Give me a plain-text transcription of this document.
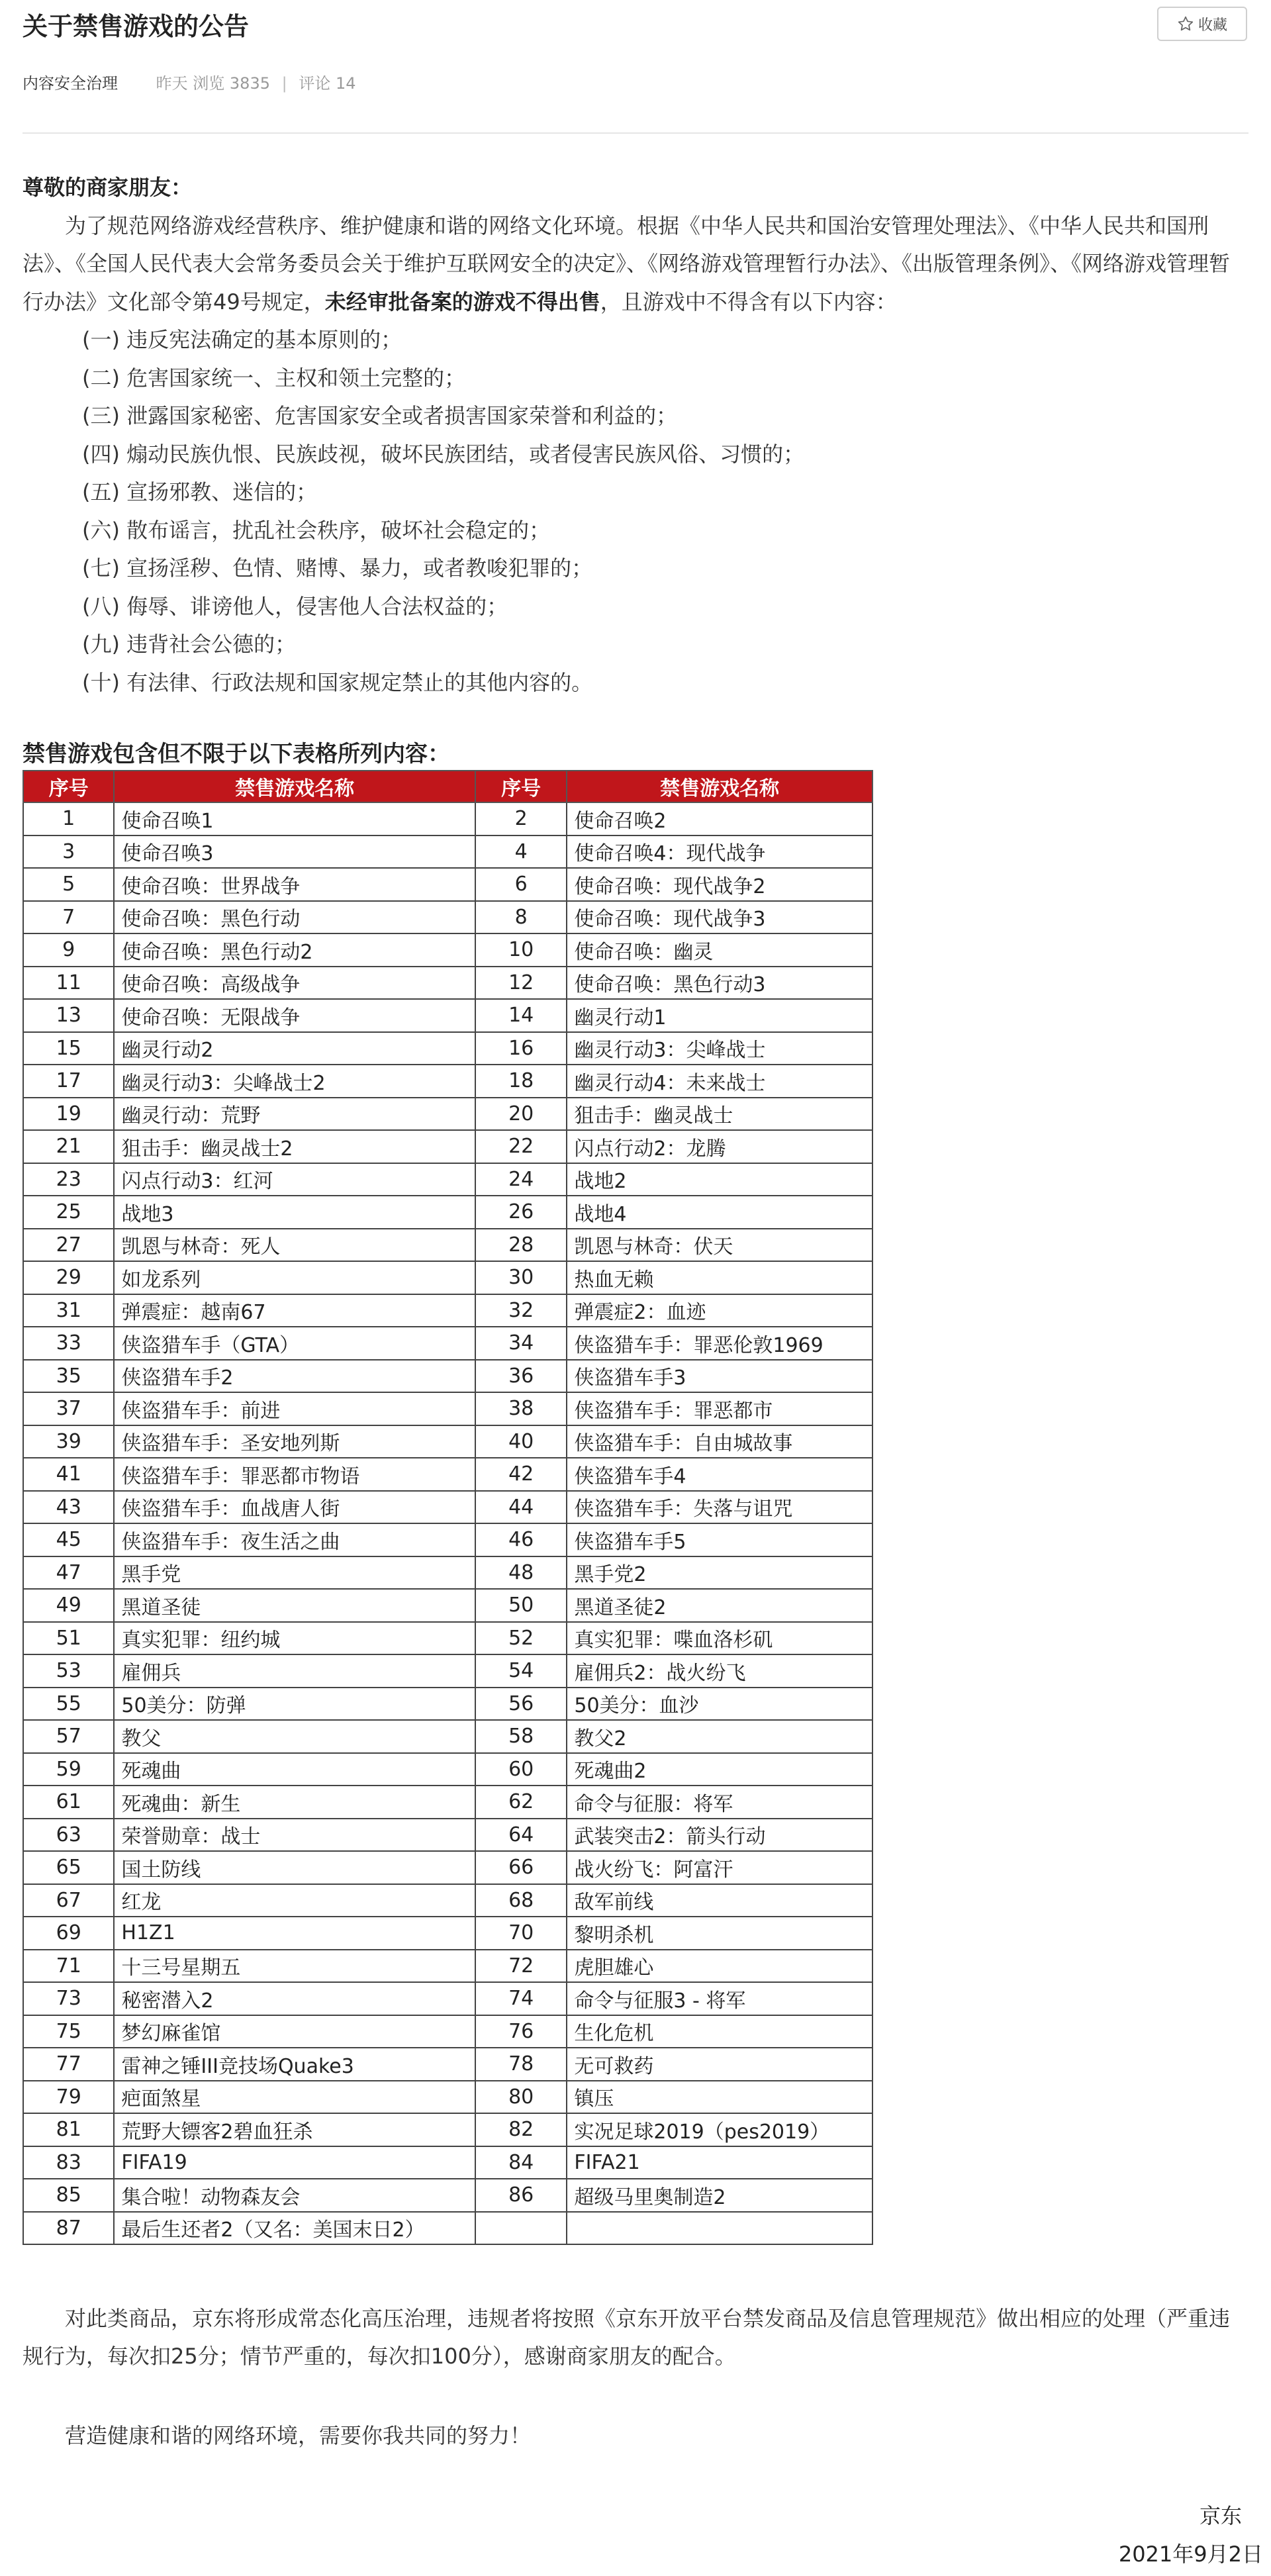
关于禁售游戏的公告	收藏
内容安全治理 昨天 浏览 3835 | 评论 14

尊敬的商家朋友：

为了规范网络游戏经营秩序、维护健康和谐的网络文化环境。根据《中华人民共和国治安管理处理法》、《中华人民共和国刑法》、《全国人民代表大会常务委员会关于维护互联网安全的决定》、《网络游戏管理暂行办法》、《出版管理条例》、《网络游戏管理暂行办法》文化部令第49号规定，未经审批备案的游戏不得出售，且游戏中不得含有以下内容：

(一) 违反宪法确定的基本原则的；

(二) 危害国家统一、主权和领土完整的；

(三) 泄露国家秘密、危害国家安全或者损害国家荣誉和利益的；

(四) 煽动民族仇恨、民族歧视，破坏民族团结，或者侵害民族风俗、习惯的；

(五) 宣扬邪教、迷信的；

(六) 散布谣言，扰乱社会秩序，破坏社会稳定的；

(七) 宣扬淫秽、色情、赌博、暴力，或者教唆犯罪的；

(八) 侮辱、诽谤他人，侵害他人合法权益的；

(九) 违背社会公德的；

(十) 有法律、行政法规和国家规定禁止的其他内容的。

禁售游戏包含但不限于以下表格所列内容：
序号	禁售游戏名称	序号	禁售游戏名称
1	使命召唤1	2	使命召唤2
3	使命召唤3	4	使命召唤4：现代战争
5	使命召唤：世界战争	6	使命召唤：现代战争2
7	使命召唤：黑色行动	8	使命召唤：现代战争3
9	使命召唤：黑色行动2	10	使命召唤：幽灵
11	使命召唤：高级战争	12	使命召唤：黑色行动3
13	使命召唤：无限战争	14	幽灵行动1
15	幽灵行动2	16	幽灵行动3：尖峰战士
17	幽灵行动3：尖峰战士2	18	幽灵行动4：未来战士
19	幽灵行动：荒野	20	狙击手：幽灵战士
21	狙击手：幽灵战士2	22	闪点行动2：龙腾
23	闪点行动3：红河	24	战地2
25	战地3	26	战地4
27	凯恩与林奇：死人	28	凯恩与林奇：伏天
29	如龙系列	30	热血无赖
31	弹震症：越南67	32	弹震症2：血迹
33	侠盗猎车手（GTA）	34	侠盗猎车手：罪恶伦敦1969
35	侠盗猎车手2	36	侠盗猎车手3
37	侠盗猎车手：前进	38	侠盗猎车手：罪恶都市
39	侠盗猎车手：圣安地列斯	40	侠盗猎车手：自由城故事
41	侠盗猎车手：罪恶都市物语	42	侠盗猎车手4
43	侠盗猎车手：血战唐人街	44	侠盗猎车手：失落与诅咒
45	侠盗猎车手：夜生活之曲	46	侠盗猎车手5
47	黑手党	48	黑手党2
49	黑道圣徒	50	黑道圣徒2
51	真实犯罪：纽约城	52	真实犯罪：喋血洛杉矶
53	雇佣兵	54	雇佣兵2：战火纷飞
55	50美分：防弹	56	50美分：血沙
57	教父	58	教父2
59	死魂曲	60	死魂曲2
61	死魂曲：新生	62	命令与征服：将军
63	荣誉勋章：战士	64	武装突击2：箭头行动
65	国土防线	66	战火纷飞：阿富汗
67	红龙	68	敌军前线
69	H1Z1	70	黎明杀机
71	十三号星期五	72	虎胆雄心
73	秘密潜入2	74	命令与征服3 - 将军
75	梦幻麻雀馆	76	生化危机
77	雷神之锤III竞技场Quake3	78	无可救药
79	疤面煞星	80	镇压
81	荒野大镖客2碧血狂杀	82	实况足球2019（pes2019）
83	FIFA19	84	FIFA21
85	集合啦！动物森友会	86	超级马里奥制造2
87	最后生还者2（又名：美国末日2）		

对此类商品，京东将形成常态化高压治理，违规者将按照《京东开放平台禁发商品及信息管理规范》做出相应的处理（严重违规行为，每次扣25分；情节严重的，每次扣100分），感谢商家朋友的配合。

营造健康和谐的网络环境，需要你我共同的努力！
京东
2021年9月2日
